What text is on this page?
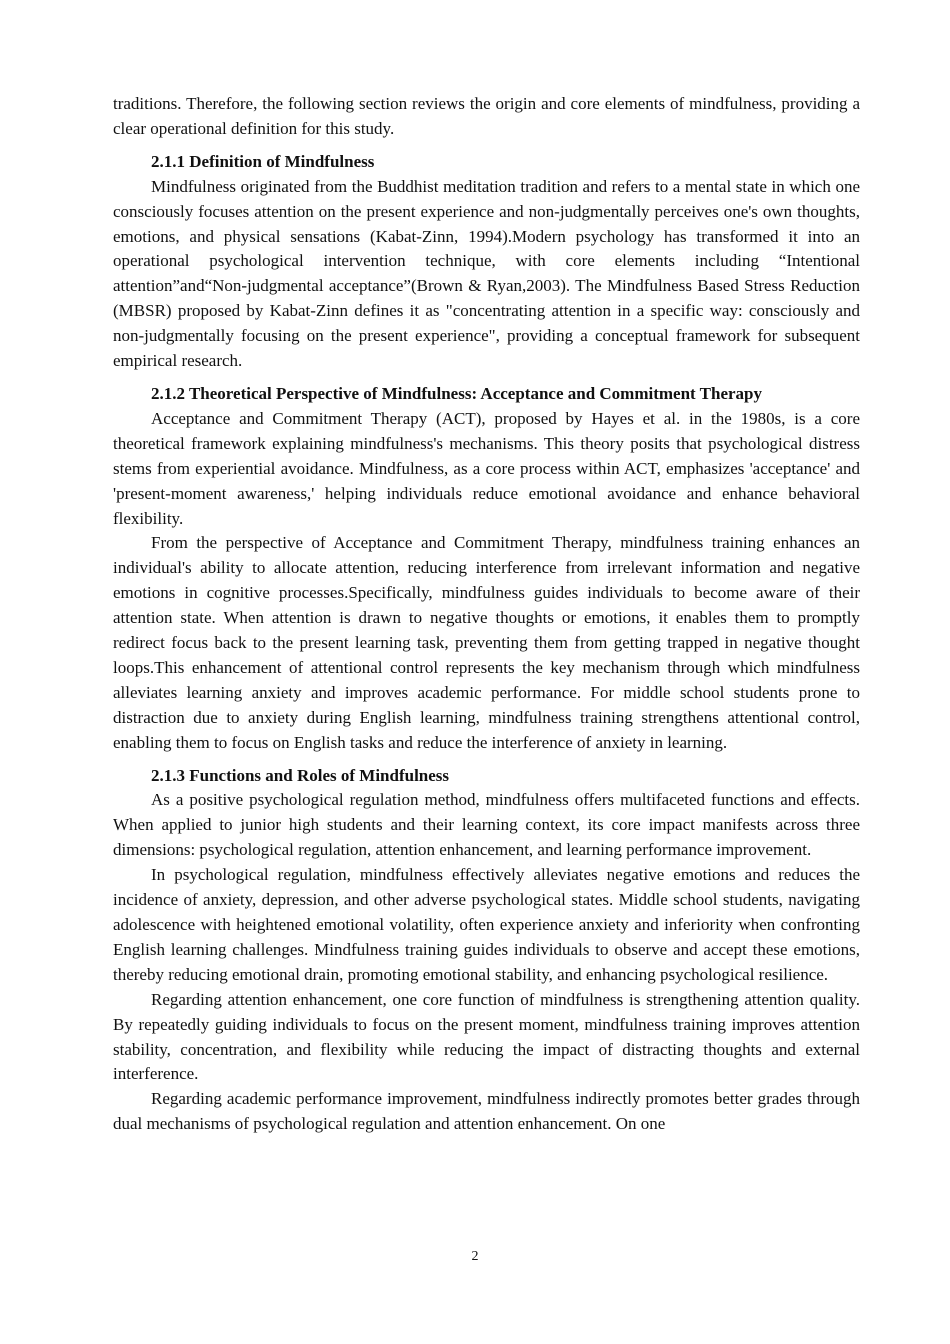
traditions. Therefore, the following section reviews the origin and core elements of mindfulness, providing a clear operational definition for this study.

2.1.1 Definition of Mindfulness

Mindfulness originated from the Buddhist meditation tradition and refers to a mental state in which one consciously focuses attention on the present experience and non-judgmentally perceives one's own thoughts, emotions, and physical sensations (Kabat-Zinn, 1994).Modern psychology has transformed it into an operational psychological intervention technique, with core elements including “Intentional attention”and“Non-judgmental acceptance”(Brown & Ryan,2003). The Mindfulness Based Stress Reduction (MBSR) proposed by Kabat-Zinn defines it as "concentrating attention in a specific way: consciously and non-judgmentally focusing on the present experience", providing a conceptual framework for subsequent empirical research.

2.1.2 Theoretical Perspective of Mindfulness: Acceptance and Commitment Therapy

Acceptance and Commitment Therapy (ACT), proposed by Hayes et al. in the 1980s, is a core theoretical framework explaining mindfulness's mechanisms. This theory posits that psychological distress stems from experiential avoidance. Mindfulness, as a core process within ACT, emphasizes 'acceptance' and 'present-moment awareness,' helping individuals reduce emotional avoidance and enhance behavioral flexibility.

From the perspective of Acceptance and Commitment Therapy, mindfulness training enhances an individual's ability to allocate attention, reducing interference from irrelevant information and negative emotions in cognitive processes.Specifically, mindfulness guides individuals to become aware of their attention state. When attention is drawn to negative thoughts or emotions, it enables them to promptly redirect focus back to the present learning task, preventing them from getting trapped in negative thought loops.This enhancement of attentional control represents the key mechanism through which mindfulness alleviates learning anxiety and improves academic performance. For middle school students prone to distraction due to anxiety during English learning, mindfulness training strengthens attentional control, enabling them to focus on English tasks and reduce the interference of anxiety in learning.

2.1.3 Functions and Roles of Mindfulness

As a positive psychological regulation method, mindfulness offers multifaceted functions and effects. When applied to junior high students and their learning context, its core impact manifests across three dimensions: psychological regulation, attention enhancement, and learning performance improvement.

In psychological regulation, mindfulness effectively alleviates negative emotions and reduces the incidence of anxiety, depression, and other adverse psychological states. Middle school students, navigating adolescence with heightened emotional volatility, often experience anxiety and inferiority when confronting English learning challenges. Mindfulness training guides individuals to observe and accept these emotions, thereby reducing emotional drain, promoting emotional stability, and enhancing psychological resilience.

Regarding attention enhancement, one core function of mindfulness is strengthening attention quality. By repeatedly guiding individuals to focus on the present moment, mindfulness training improves attention stability, concentration, and flexibility while reducing the impact of distracting thoughts and external interference.

Regarding academic performance improvement, mindfulness indirectly promotes better grades through dual mechanisms of psychological regulation and attention enhancement. On one

2
